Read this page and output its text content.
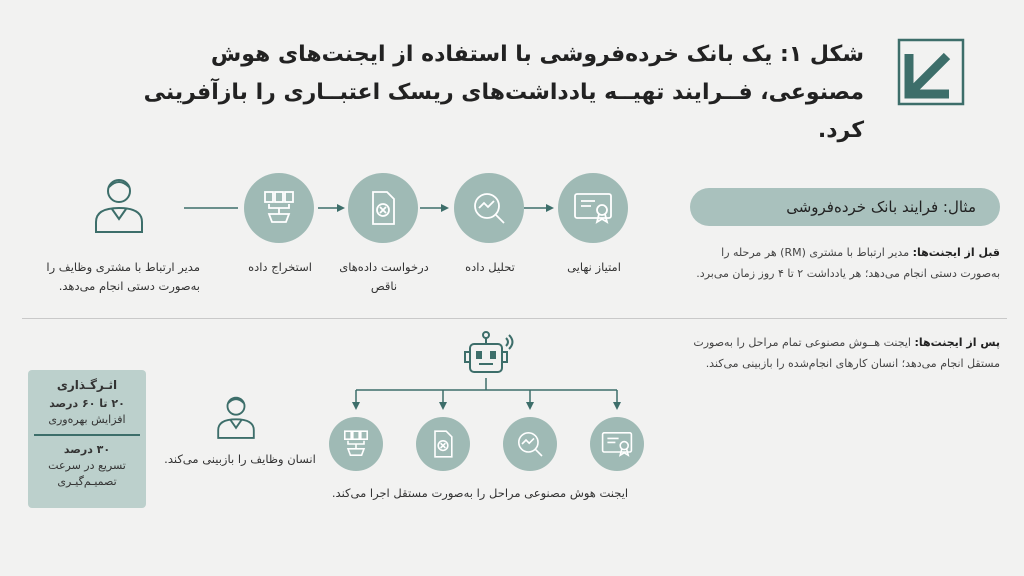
شکل ۱: یک بانک خرده‌فروشی با استفاده از ایجنت‌های هوش مصنوعی، فــرایند تهیــه یادداشت‌های ریسک اعتبــاری را بازآفرینی کرد.
مدیر ارتباط با مشتری وظایف را به‌صورت دستی انجام می‌دهد.
استخراج داده	درخواست داده‌های ناقص
تحلیل داده	امتیاز نهایی
مثال: فرایند بانک خرده‌فروشی
قبل از ایجنت‌ها: مدیر ارتباط با مشتری (RM) هر مرحله را به‌صورت دستی انجام می‌دهد؛ هر یادداشت ۲ تا ۴ روز زمان می‌برد.
پس از ایجنت‌ها: ایجنت هــوش مصنوعی تمام مراحل را به‌صورت مستقل انجام می‌دهد؛ انسان کارهای انجام‌شده را بازبینی می‌کند.
ایجنت هوش مصنوعی مراحل را به‌صورت مستقل اجرا می‌کند.
انسان وظایف را بازبینی می‌کند.
اثـرگـذاری
۲۰ تا ۶۰ درصد
افزایش بهره‌وری
۳۰ درصد
تسریع در سرعت تصمیـم‌گیـری
